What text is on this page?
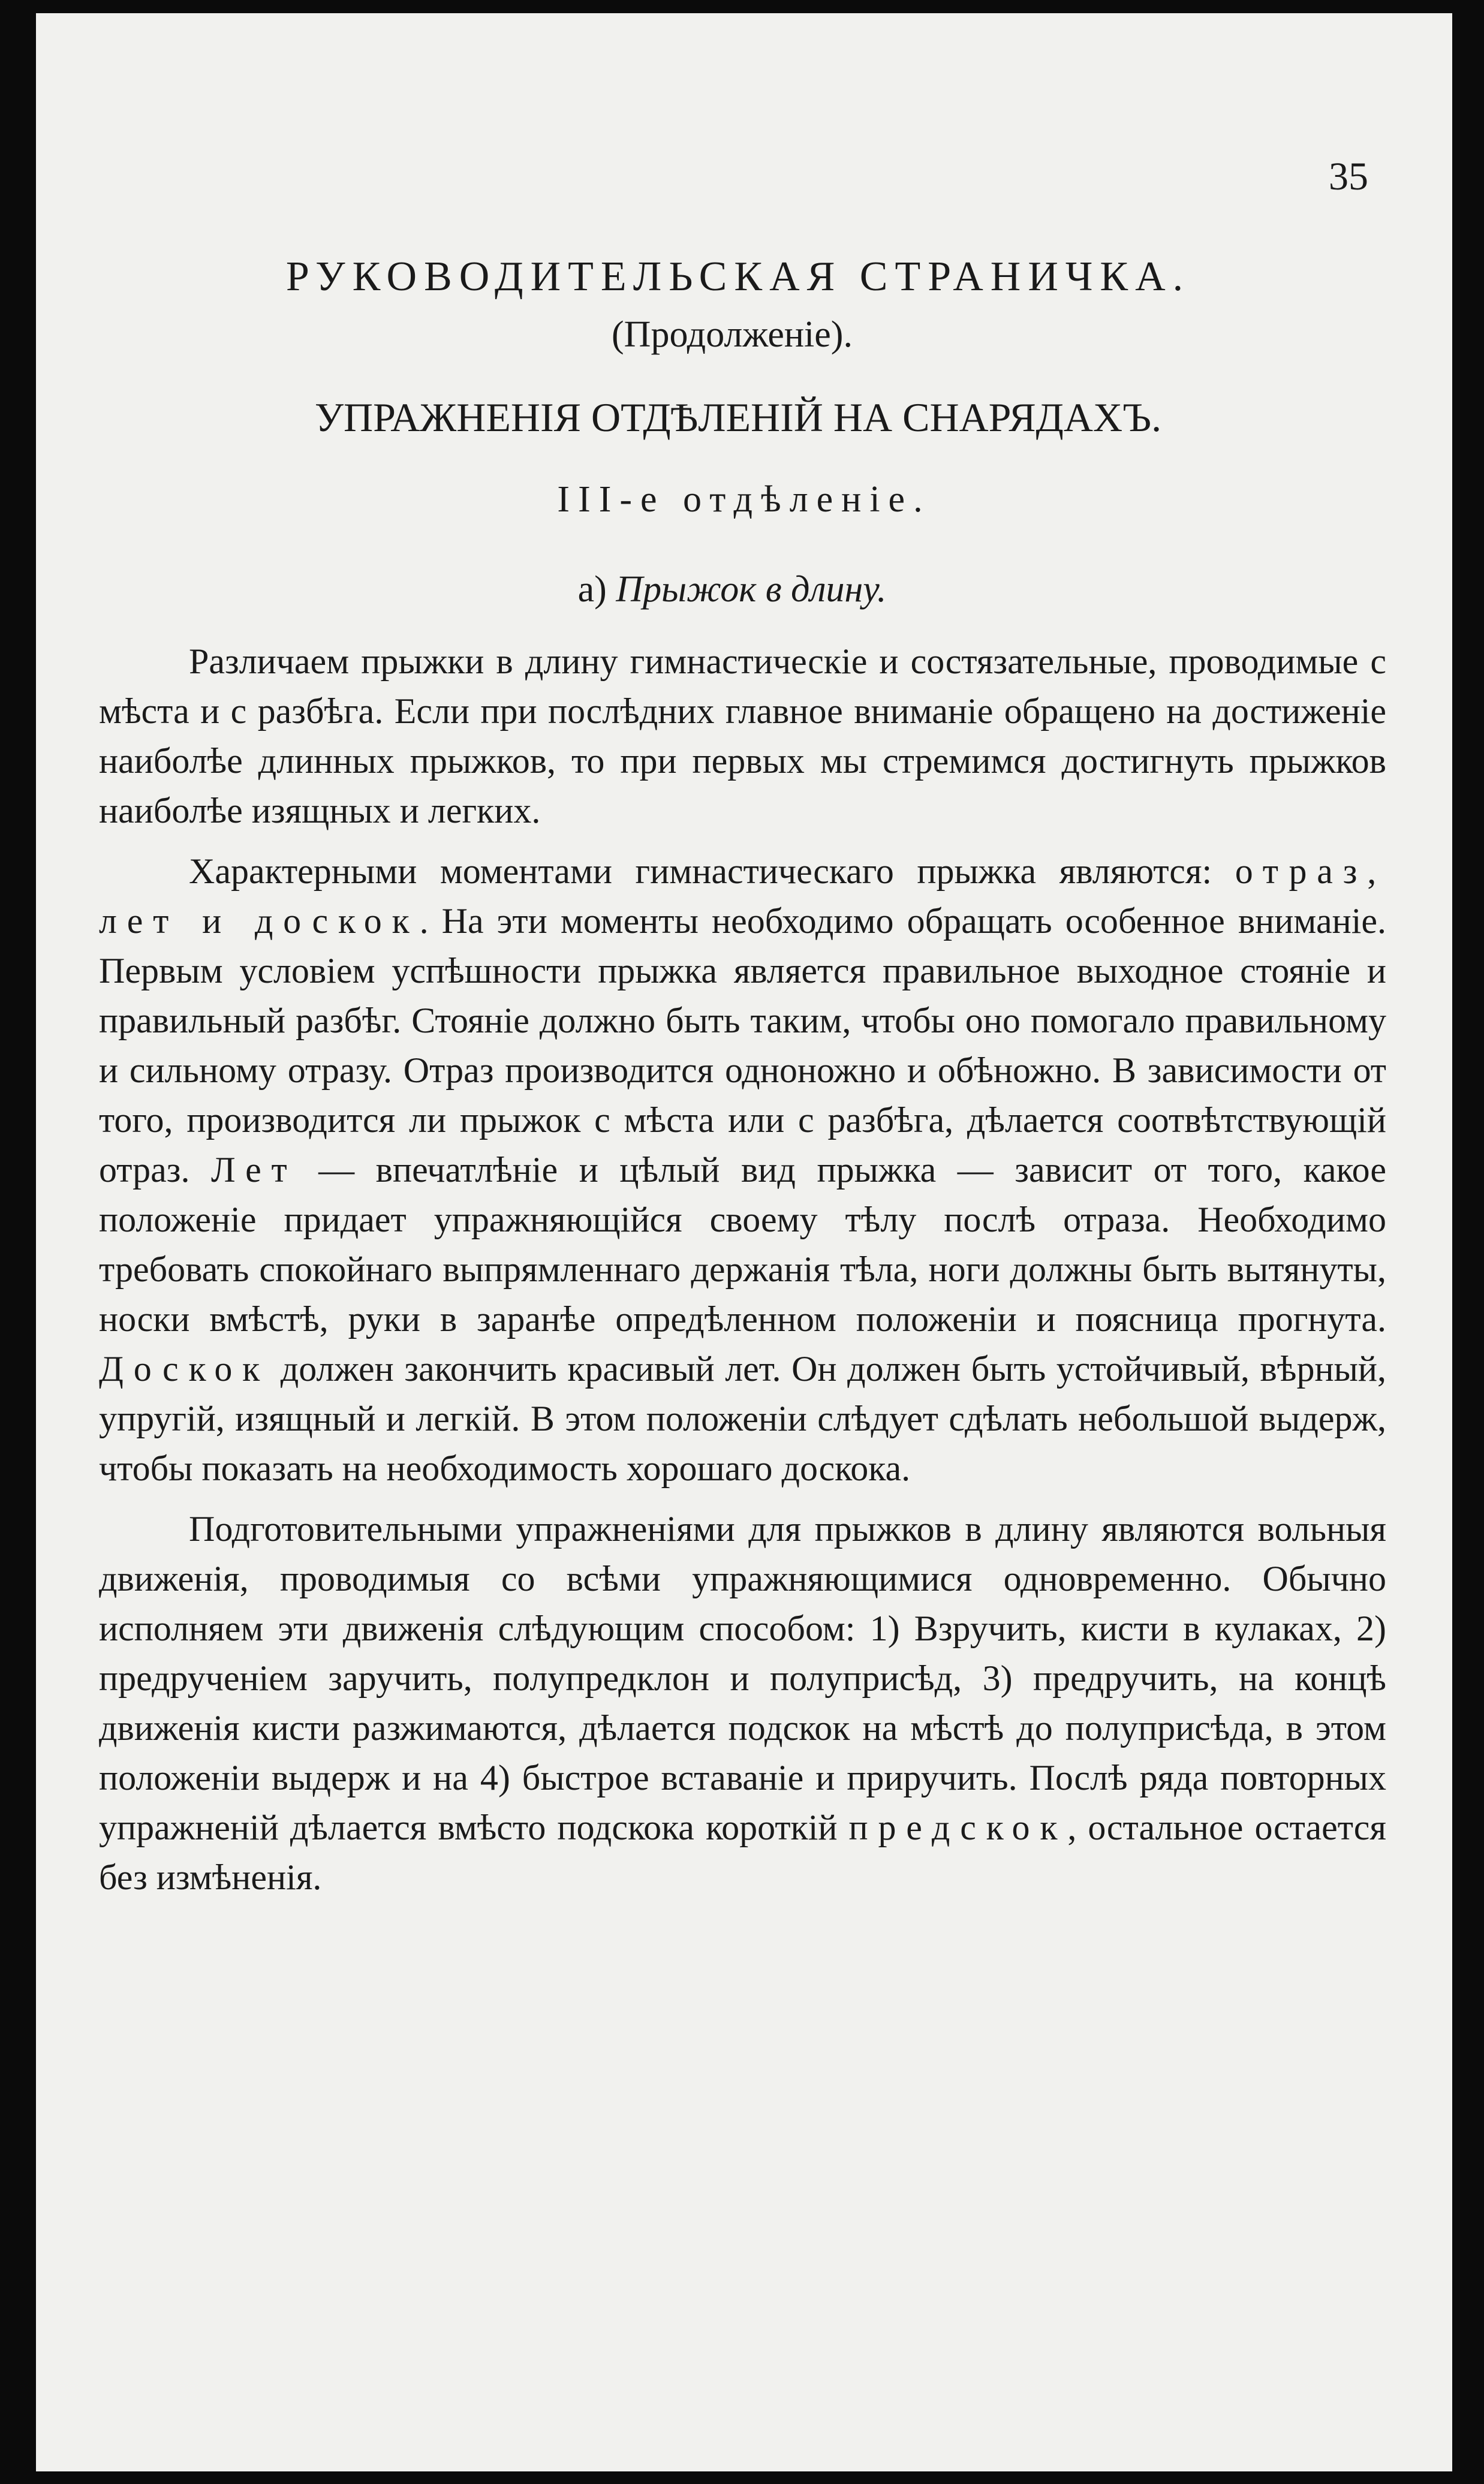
35
РУКОВОДИТЕЛЬСКАЯ СТРАНИЧКА.
(Продолженіе).
УПРАЖНЕНІЯ ОТДѢЛЕНІЙ НА СНАРЯДАХЪ.
III-e отдѣленіе.
а) Прыжок в длину.

Различаем прыжки в длину гимнастическіе и состязательные, проводимые с мѣста и с разбѣга. Если при послѣдних главное вниманіе обращено на достиженіе наиболѣе длинных прыжков, то при первых мы стремимся достигнуть прыжков наиболѣе изящных и легких.

Характерными моментами гимнастическаго прыжка являются: отраз, лет и доскок. На эти моменты необходимо обращать особенное вниманіе. Первым условіем успѣшности прыжка является правильное выходное стояніе и правильный разбѣг. Стояніе должно быть таким, чтобы оно помогало правильному и сильному отразу. Отраз производится одноножно и обѣножно. В зависимости от того, производится ли прыжок с мѣста или с разбѣга, дѣлается соотвѣтствующій отраз. Лет — впечатлѣніе и цѣлый вид прыжка — зависит от того, какое положеніе придает упражняющійся своему тѣлу послѣ отраза. Необходимо требовать спокойнаго выпрямленнаго держанія тѣла, ноги должны быть вытянуты, носки вмѣстѣ, руки в заранѣе опредѣленном положеніи и поясница прогнута. Доскок должен закончить красивый лет. Он должен быть устойчивый, вѣрный, упругій, изящный и легкій. В этом положеніи слѣдует сдѣлать небольшой выдерж, чтобы показать на необходимость хорошаго доскока.

Подготовительными упражненіями для прыжков в длину являются вольныя движенія, проводимыя со всѣми упражняющимися одновременно. Обычно исполняем эти движенія слѣдующим способом: 1) Взручить, кисти в кулаках, 2) предрученіем заручить, полупредклон и полуприсѣд, 3) предручить, на концѣ движенія кисти разжимаются, дѣлается подскок на мѣстѣ до полуприсѣда, в этом положеніи выдерж и на 4) быстрое вставаніе и приручить. Послѣ ряда повторных упражненій дѣлается вмѣсто подскока короткій предскок, остальное остается без измѣненія.
